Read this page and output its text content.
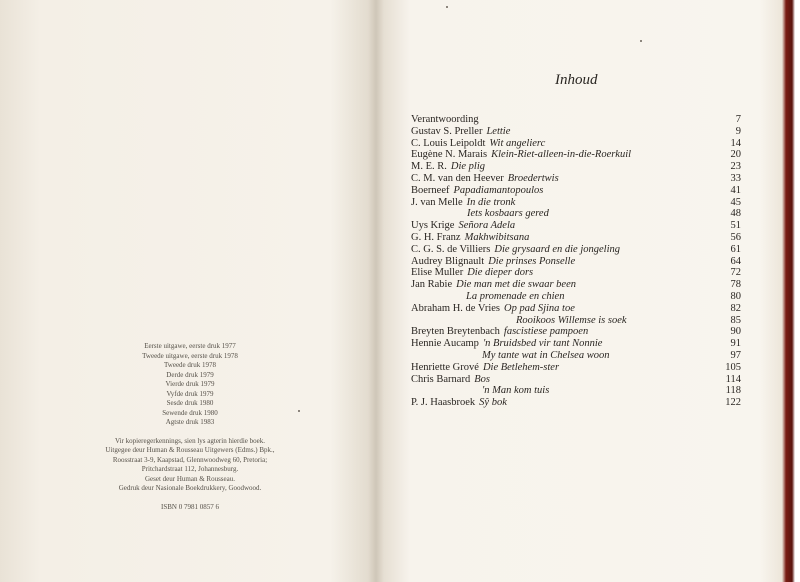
Eerste uitgawe, eerste druk 1977
Tweede uitgawe, eerste druk 1978
Tweede druk 1978
Derde druk 1979
Vierde druk 1979
Vyfde druk 1979
Sesde druk 1980
Sewende druk 1980
Agtste druk 1983
Vir kopieregerkennings, sien lys agterin hierdie boek.
Uitgegee deur Human & Rousseau Uitgewers (Edms.) Bpk.,
Roosstraat 3-9, Kaapstad, Glennwoodweg 60, Pretoria;
Pritchardstraat 112, Johannesburg.
Geset deur Human & Rousseau.
Gedruk deur Nasionale Boekdrukkery, Goodwood.
ISBN 0 7981 0857 6
Inhoud
Verantwoording	7
Gustav S. Preller Lettie	9
C. Louis Leipoldt Wit angelierc	14
Eugène N. Marais Klein-Riet-alleen-in-die-Roerkuil	20
M. E. R. Die plig	23
C. M. van den Heever Broedertwis	33
Boerneef Papadiamantopoulos	41
J. van Melle In die tronk	45
Iets kosbaars gered	48
Uys Krige Señora Adela	51
G. H. Franz Makhwibitsana	56
C. G. S. de Villiers Die grysaard en die jongeling	61
Audrey Blignault Die prinses Ponselle	64
Elise Muller Die dieper dors	72
Jan Rabie Die man met die swaar been	78
La promenade en chien	80
Abraham H. de Vries Op pad Sjina toe	82
Rooikoos Willemse is soek	85
Breyten Breytenbach fascistiese pampoen	90
Hennie Aucamp 'n Bruidsbed vir tant Nonnie	91
My tante wat in Chelsea woon	97
Henriette Grové Die Betlehem-ster	105
Chris Barnard Bos	114
'n Man kom tuis	118
P. J. Haasbroek Sŷ bok	122
